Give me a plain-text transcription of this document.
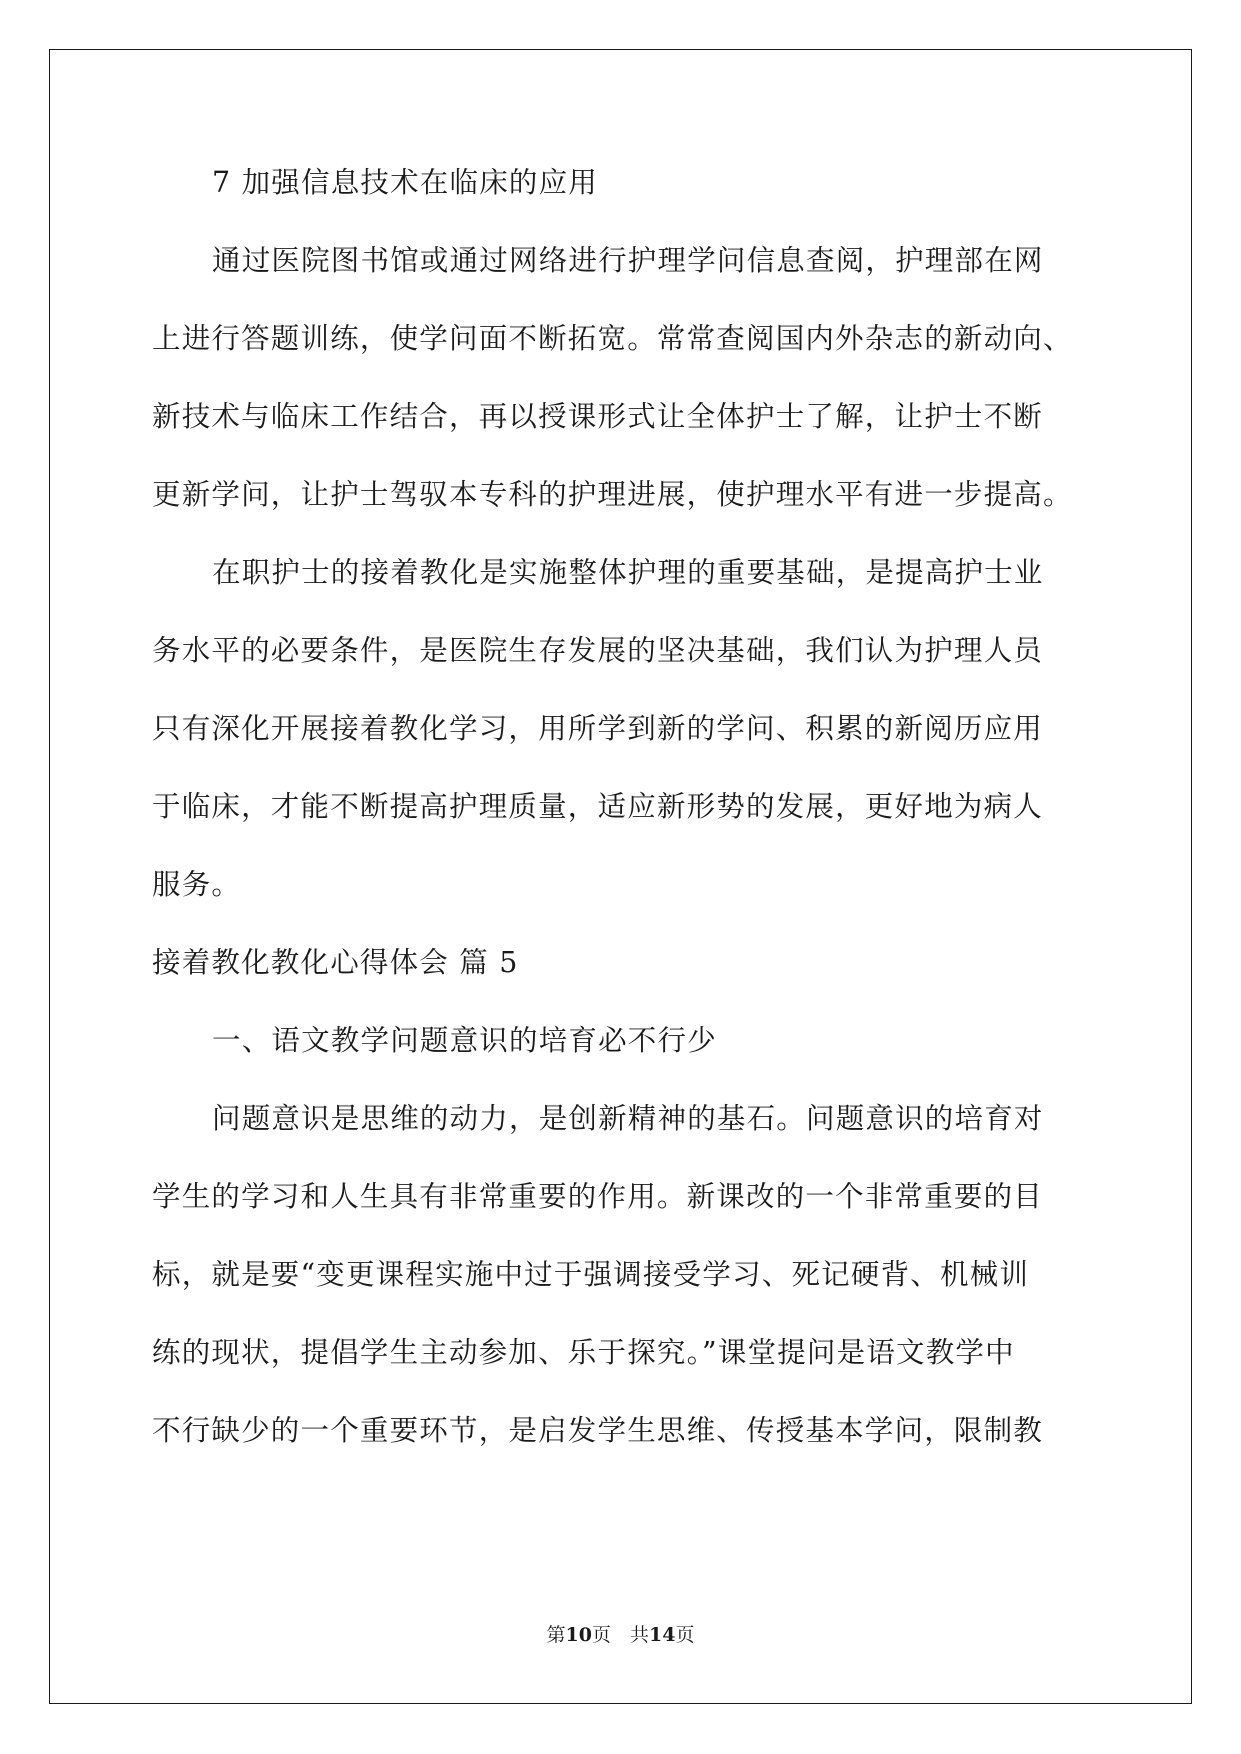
7 加强信息技术在临床的应用
通过医院图书馆或通过网络进行护理学问信息查阅，护理部在网
上进行答题训练，使学问面不断拓宽。常常查阅国内外杂志的新动向、
新技术与临床工作结合，再以授课形式让全体护士了解，让护士不断
更新学问，让护士驾驭本专科的护理进展，使护理水平有进一步提高。
在职护士的接着教化是实施整体护理的重要基础，是提高护士业
务水平的必要条件，是医院生存发展的坚决基础，我们认为护理人员
只有深化开展接着教化学习，用所学到新的学问、积累的新阅历应用
于临床，才能不断提高护理质量，适应新形势的发展，更好地为病人
服务。
接着教化教化心得体会 篇 5
一、语文教学问题意识的培育必不行少
问题意识是思维的动力，是创新精神的基石。问题意识的培育对
学生的学习和人生具有非常重要的作用。新课改的一个非常重要的目
标，就是要“变更课程实施中过于强调接受学习、死记硬背、机械训
练的现状，提倡学生主动参加、乐于探究。”课堂提问是语文教学中
不行缺少的一个重要环节，是启发学生思维、传授基本学问，限制教
第10页　共14页
